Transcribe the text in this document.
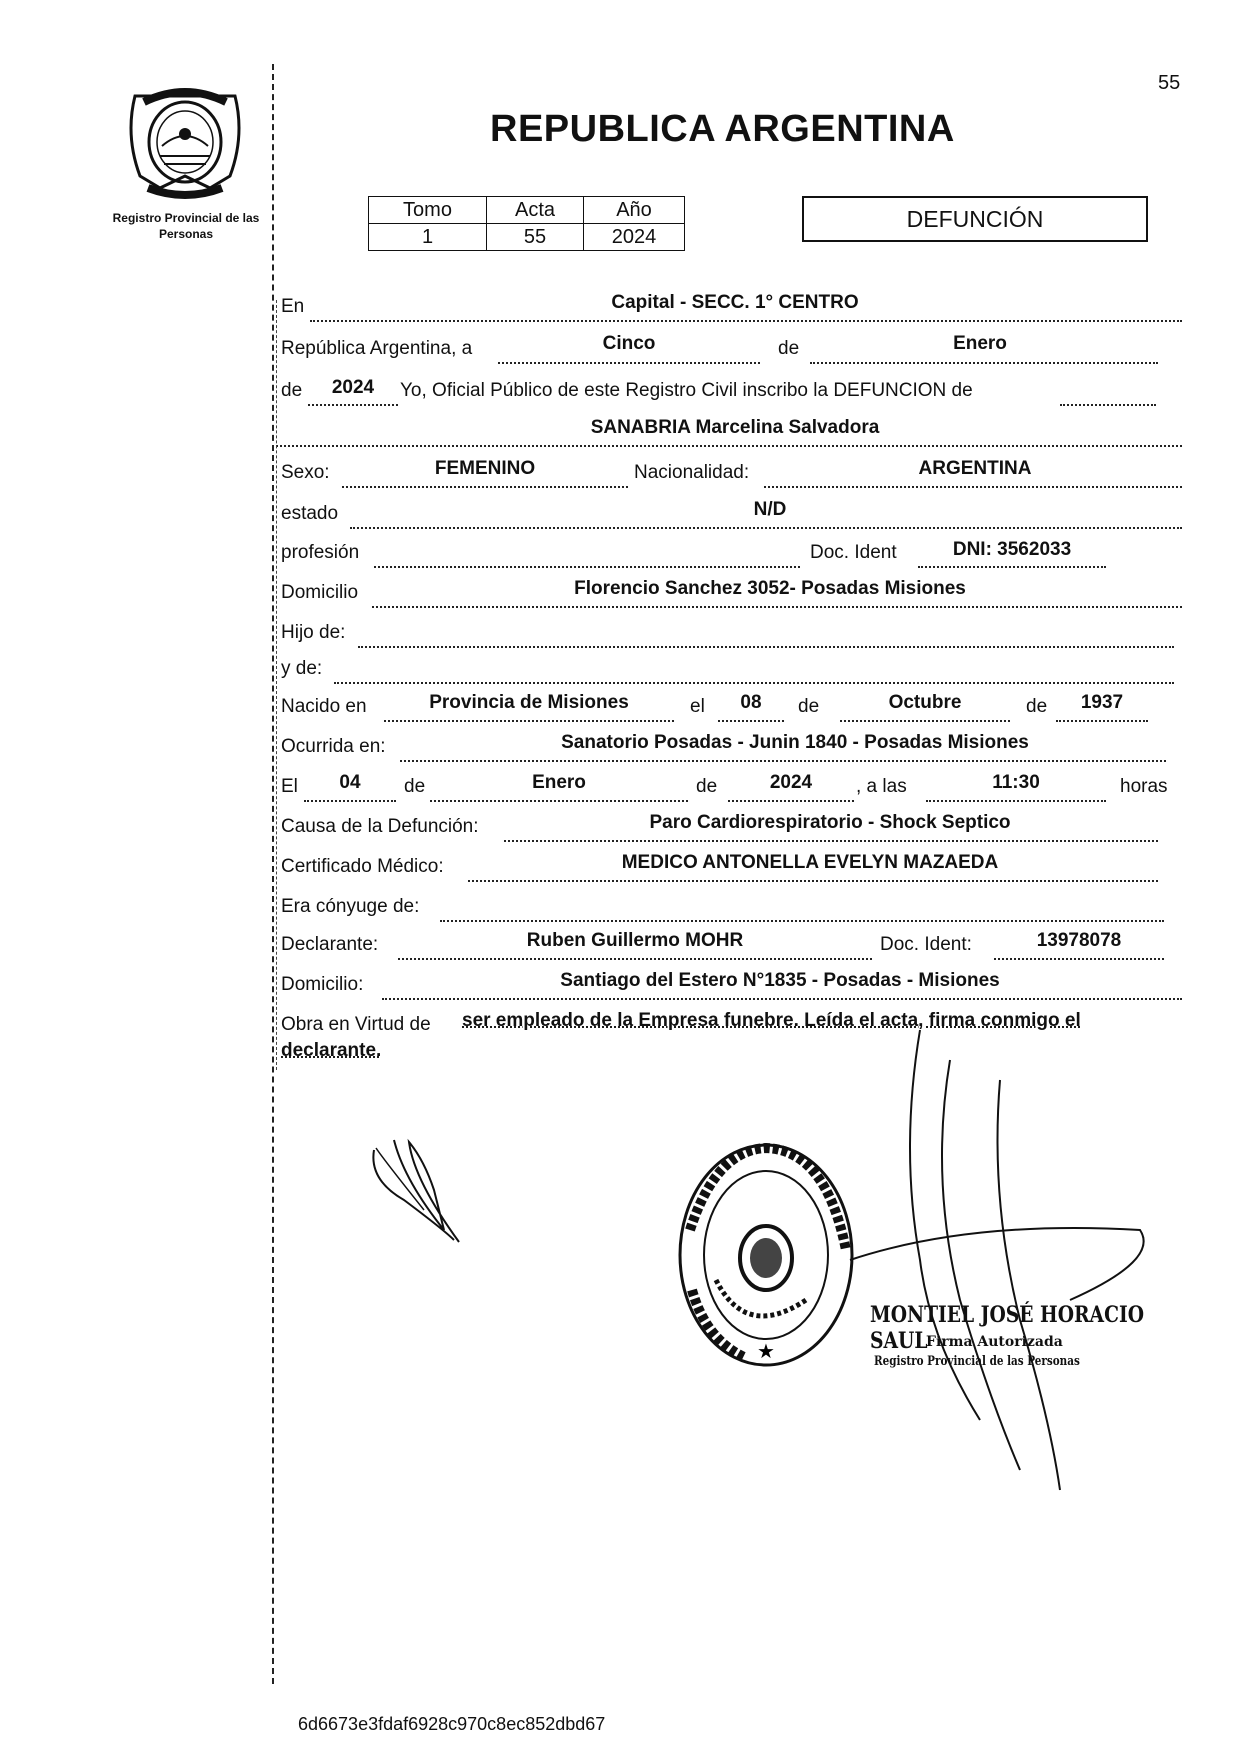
55
Registro Provincial de las Personas
REPUBLICA ARGENTINA
Tomo	Acta	Año
1	55	2024
DEFUNCIÓN
En	Capital - SECC. 1° CENTRO
República Argentina, a	Cinco	de	Enero
de	2024	Yo, Oficial Público de este Registro Civil inscribo la DEFUNCION de
SANABRIA Marcelina Salvadora
Sexo:	FEMENINO	Nacionalidad:	ARGENTINA
estado	N/D
profesión	Doc. Ident	DNI: 3562033
Domicilio	Florencio Sanchez 3052- Posadas Misiones
Hijo de:
y de:
Nacido en	Provincia de Misiones	el	08	de	Octubre	de	1937
Ocurrida en:	Sanatorio Posadas - Junin 1840 - Posadas Misiones
El	04	de	Enero	de	2024	, a las	11:30	horas
Causa de la Defunción:	Paro Cardiorespiratorio - Shock Septico
Certificado Médico:	MEDICO ANTONELLA EVELYN MAZAEDA
Era cónyuge de:
Declarante:	Ruben Guillermo MOHR	Doc. Ident:	13978078
Domicilio:	Santiago del Estero N°1835 - Posadas - Misiones
Obra en Virtud de ser empleado de la Empresa funebre. Leída el acta, firma conmigo el
declarante.
★
MONTIEL JOSÉ HORACIO SAUL
Firma Autorizada
Registro Provincial de las Personas
6d6673e3fdaf6928c970c8ec852dbd67
